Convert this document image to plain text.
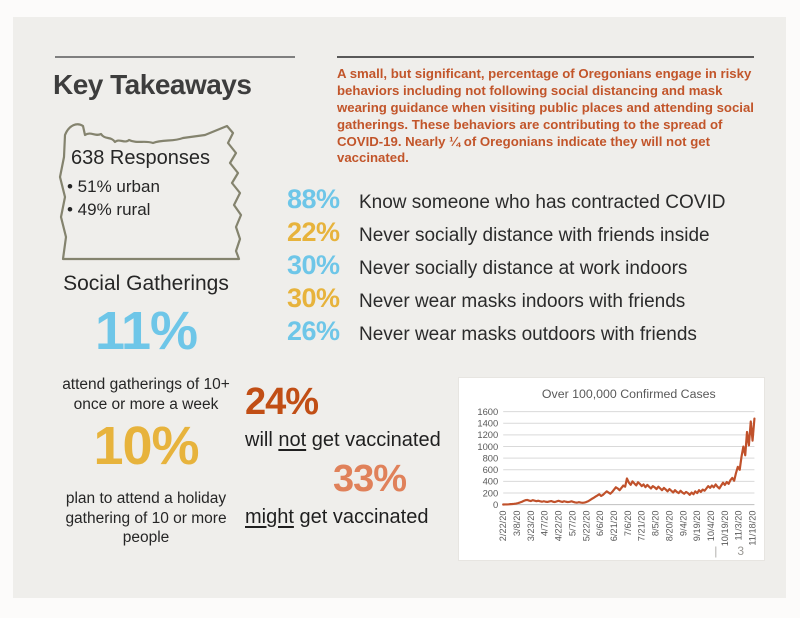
Key Takeaways
638 Responses
• 51% urban
• 49% rural
Social Gatherings
11%
attend gatherings of 10+ once or more a week
10%
plan to attend a holiday gathering of 10 or more people

A small, but significant, percentage of Oregonians engage in risky behaviors including not following social distancing and mask wearing guidance when visiting public places and attending social gatherings. These behaviors are contributing to the spread of COVID-19. Nearly ¼ of Oregonians indicate they will not get vaccinated.

88%	Know someone who has contracted COVID
22%	Never socially distance with friends inside
30%	Never socially distance at work indoors
30%	Never wear masks indoors with friends
26%	Never wear masks outdoors with friends
24%
will not get vaccinated
33%
might get vaccinated
Over 100,000 Confirmed Cases
0
200
400
600
800
1000
1200
1400
1600
2/22/20 3/8/20 3/23/20 4/7/20 4/22/20 5/7/20 5/22/20 6/6/20 6/21/20 7/6/20 7/21/20 8/5/20 8/20/20 9/4/20 9/19/20 10/4/20 10/19/20 11/3/20 11/18/20
| 3
